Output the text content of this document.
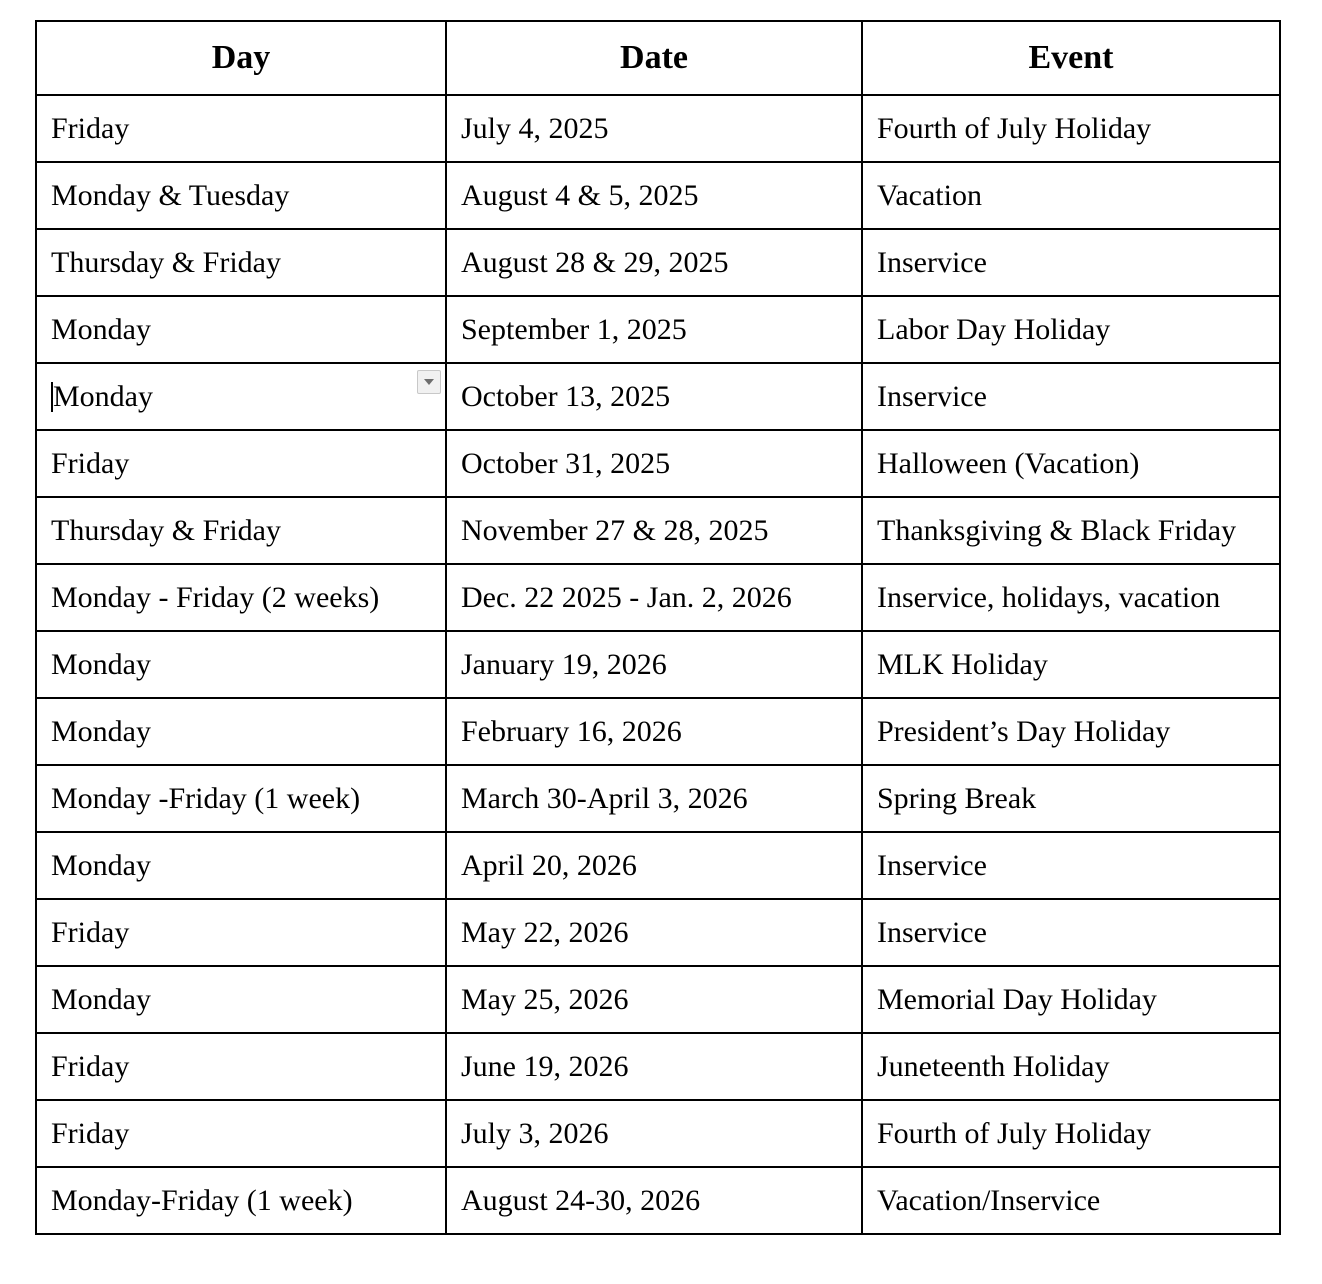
Day	Date	Event
Friday	July 4, 2025	Fourth of July Holiday
Monday & Tuesday	August 4 & 5, 2025	Vacation
Thursday & Friday	August 28 & 29, 2025	Inservice
Monday	September 1, 2025	Labor Day Holiday
Monday	October 13, 2025	Inservice
Friday	October 31, 2025	Halloween (Vacation)
Thursday & Friday	November 27 & 28, 2025	Thanksgiving & Black Friday
Monday - Friday (2 weeks)	Dec. 22 2025 - Jan. 2, 2026	Inservice, holidays, vacation
Monday	January 19, 2026	MLK Holiday
Monday	February 16, 2026	President’s Day Holiday
Monday -Friday (1 week)	March 30-April 3, 2026	Spring Break
Monday	April 20, 2026	Inservice
Friday	May 22, 2026	Inservice
Monday	May 25, 2026	Memorial Day Holiday
Friday	June 19, 2026	Juneteenth Holiday
Friday	July 3, 2026	Fourth of July Holiday
Monday-Friday (1 week)	August 24-30, 2026	Vacation/Inservice
